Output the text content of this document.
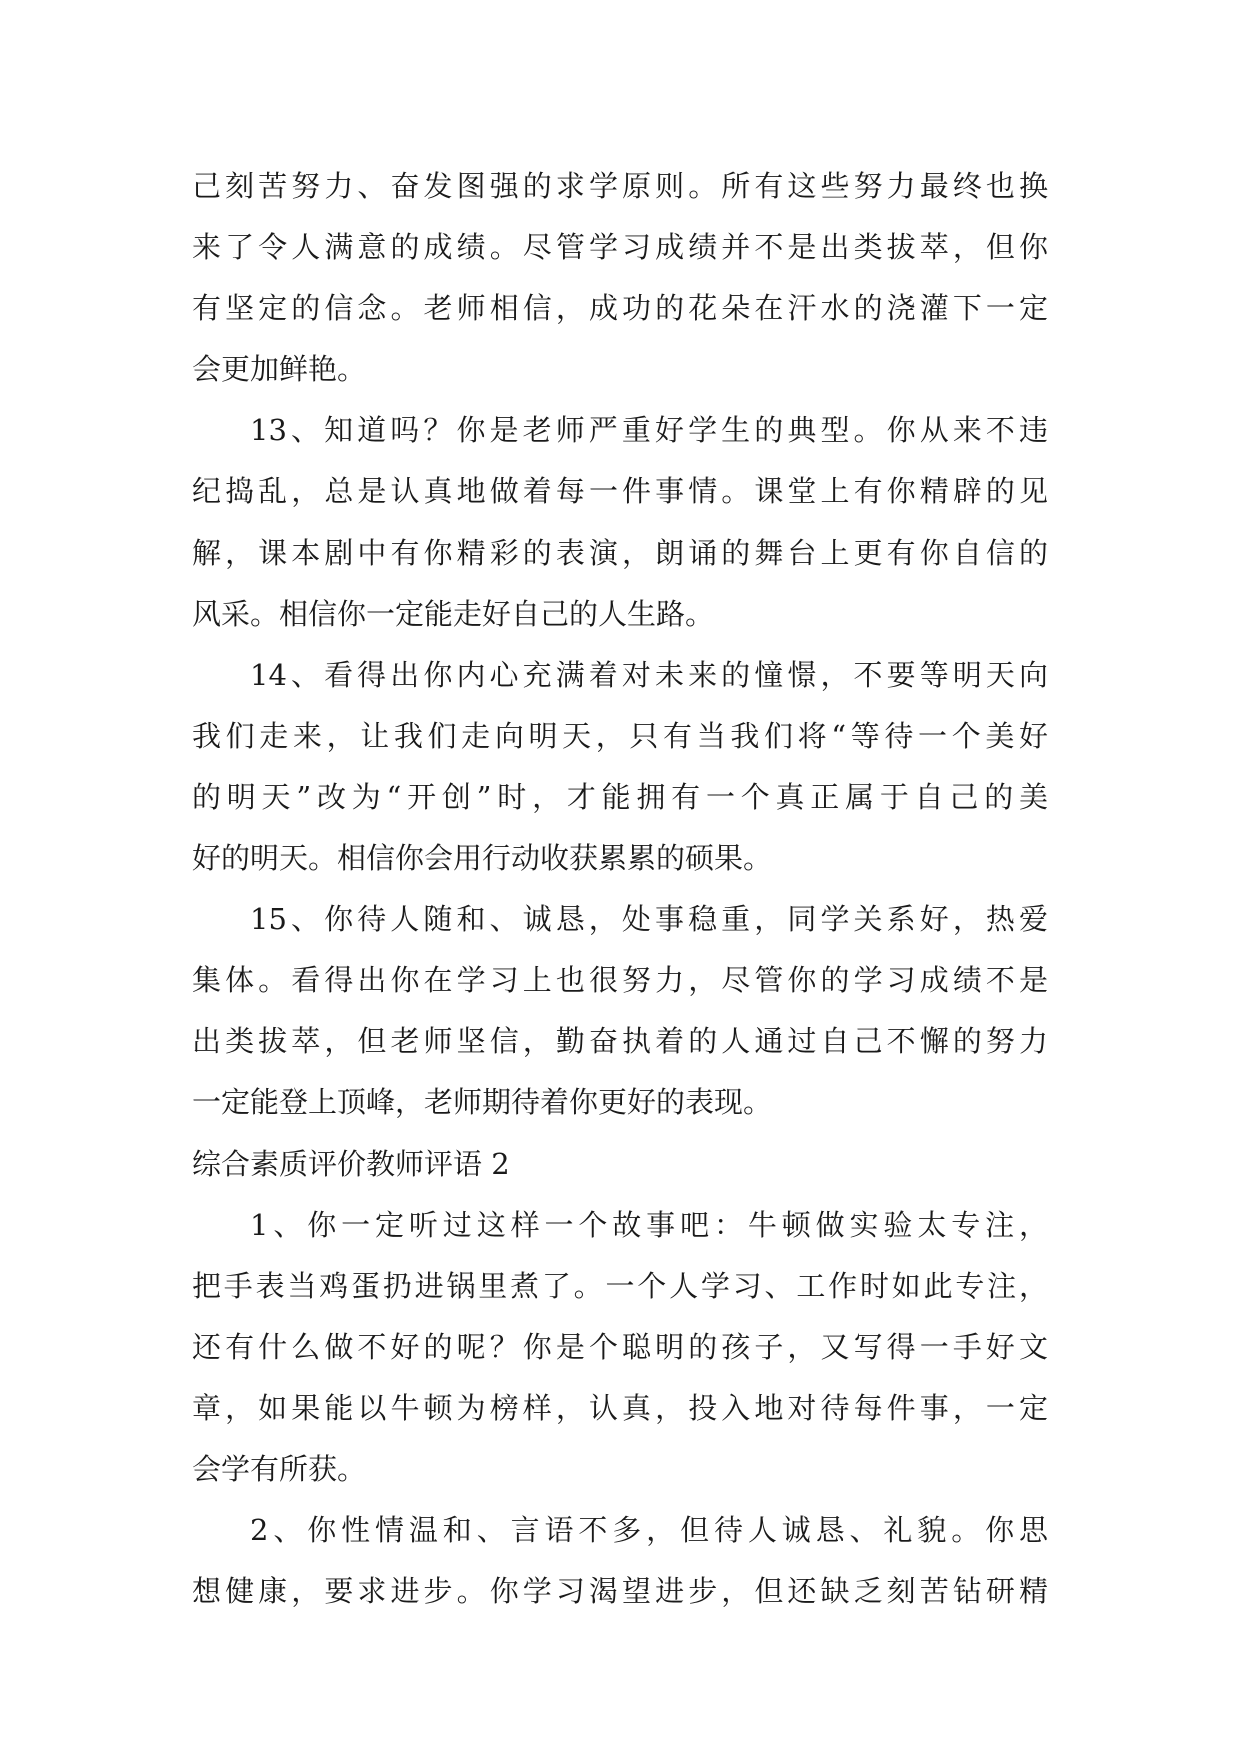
己刻苦努力、奋发图强的求学原则。所有这些努力最终也换
来了令人满意的成绩。尽管学习成绩并不是出类拔萃，但你
有坚定的信念。老师相信，成功的花朵在汗水的浇灌下一定
会更加鲜艳。
13、知道吗？你是老师严重好学生的典型。你从来不违
纪捣乱，总是认真地做着每一件事情。课堂上有你精辟的见
解，课本剧中有你精彩的表演，朗诵的舞台上更有你自信的
风采。相信你一定能走好自己的人生路。
14、看得出你内心充满着对未来的憧憬，不要等明天向
我们走来，让我们走向明天，只有当我们将“等待一个美好
的明天”改为“开创”时，才能拥有一个真正属于自己的美
好的明天。相信你会用行动收获累累的硕果。
15、你待人随和、诚恳，处事稳重，同学关系好，热爱
集体。看得出你在学习上也很努力，尽管你的学习成绩不是
出类拔萃，但老师坚信，勤奋执着的人通过自己不懈的努力
一定能登上顶峰，老师期待着你更好的表现。
综合素质评价教师评语 2
1、你一定听过这样一个故事吧：牛顿做实验太专注，
把手表当鸡蛋扔进锅里煮了。一个人学习、工作时如此专注，
还有什么做不好的呢？你是个聪明的孩子，又写得一手好文
章，如果能以牛顿为榜样，认真，投入地对待每件事，一定
会学有所获。
2、你性情温和、言语不多，但待人诚恳、礼貌。你思
想健康，要求进步。你学习渴望进步，但还缺乏刻苦钻研精
